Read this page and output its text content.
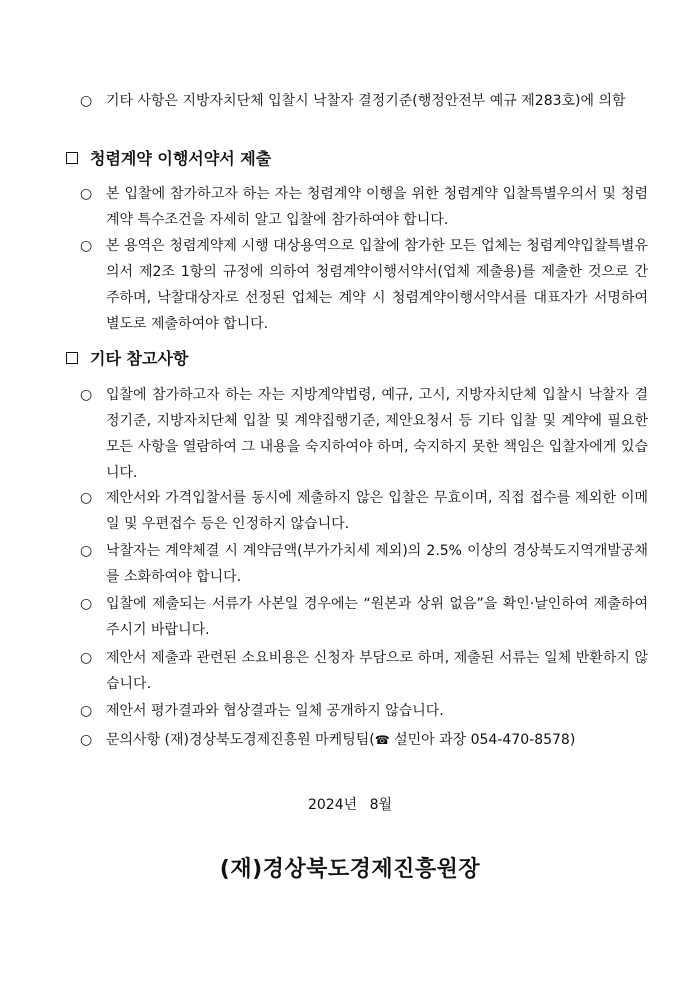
○ 기타 사항은 지방자치단체 입찰시 낙찰자 결정기준(행정안전부 예규 제283호)에 의함
청렴계약 이행서약서 제출
○ 본 입찰에 참가하고자 하는 자는 청렴계약 이행을 위한 청렴계약 입찰특별우의서 및 청렴계약 특수조건을 자세히 알고 입찰에 참가하여야 합니다.
○ 본 용역은 청렴계약제 시행 대상용역으로 입찰에 참가한 모든 업체는 청렴계약입찰특별유의서 제2조 1항의 규정에 의하여 청렴계약이행서약서(업체 제출용)를 제출한 것으로 간주하며, 낙찰대상자로 선정된 업체는 계약 시 청렴계약이행서약서를 대표자가 서명하여 별도로 제출하여야 합니다.
기타 참고사항
○ 입찰에 참가하고자 하는 자는 지방계약법령, 예규, 고시, 지방자치단체 입찰시 낙찰자 결정기준, 지방자치단체 입찰 및 계약집행기준, 제안요청서 등 기타 입찰 및 계약에 필요한 모든 사항을 열람하여 그 내용을 숙지하여야 하며, 숙지하지 못한 책임은 입찰자에게 있습니다.
○ 제안서와 가격입찰서를 동시에 제출하지 않은 입찰은 무효이며, 직접 접수를 제외한 이메일 및 우편접수 등은 인정하지 않습니다.
○ 낙찰자는 계약체결 시 계약금액(부가가치세 제외)의 2.5% 이상의 경상북도지역개발공채를 소화하여야 합니다.
○ 입찰에 제출되는 서류가 사본일 경우에는 “원본과 상위 없음”을 확인·날인하여 제출하여 주시기 바랍니다.
○ 제안서 제출과 관련된 소요비용은 신청자 부담으로 하며, 제출된 서류는 일체 반환하지 않습니다.
○ 제안서 평가결과와 협상결과는 일체 공개하지 않습니다.
○ 문의사항 (재)경상북도경제진흥원 마케팅팀(☎ 설민아 과장 054-470-8578)
2024년 8월
(재)경상북도경제진흥원장
